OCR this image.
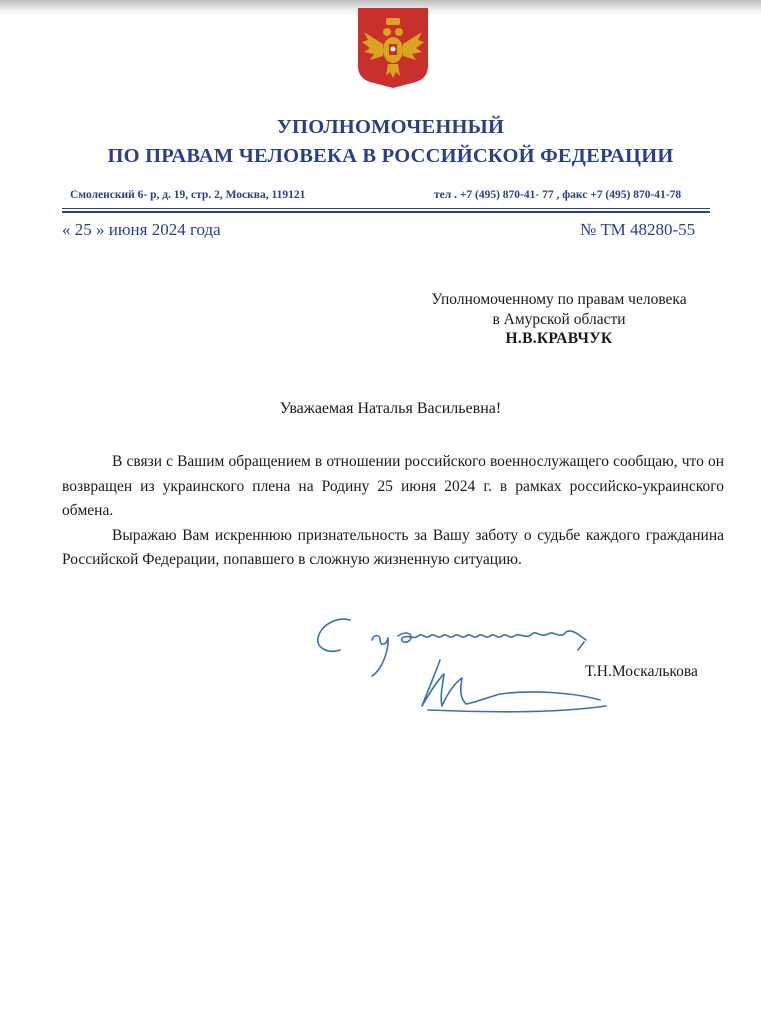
УПОЛНОМОЧЕННЫЙ
ПО ПРАВАМ ЧЕЛОВЕКА В РОССИЙСКОЙ ФЕДЕРАЦИИ
Смоленский 6- р, д. 19, стр. 2, Москва, 119121	тел . +7 (495) 870-41- 77 , факс +7 (495) 870-41-78
« 25 » июня 2024 года	№ ТМ 48280-55
Уполномоченному по правам человека
в Амурской области
Н.В.КРАВЧУК
Уважаемая Наталья Васильевна!

В связи с Вашим обращением в отношении российского военнослужащего сообщаю, что он возвращен из украинского плена на Родину 25 июня 2024 г. в рамках российско-украинского обмена.

Выражаю Вам искреннюю признательность за Вашу заботу о судьбе каждого гражданина Российской Федерации, попавшего в сложную жизненную ситуацию.

Т.Н.Москалькова
